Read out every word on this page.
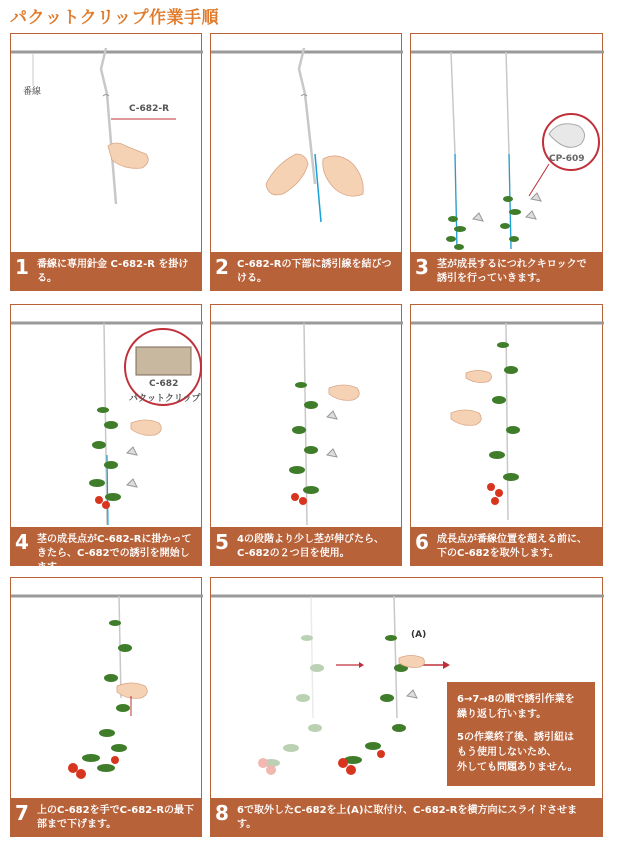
パクットクリップ作業手順
番線
C-682-R
1 番線に専用針金 C-682-R を掛ける。	2 C-682-Rの下部に誘引線を結びつける。
CP-609
3 茎が成長するにつれクキロックで誘引を行っていきます。
C-682
パクットクリップ
4 茎の成長点がC-682-Rに掛かってきたら、C-682での誘引を開始します。
5 4の段階より少し茎が伸びたら、C-682の２つ目を使用。	6 成長点が番線位置を超える前に、下のC-682を取外します。
7 上のC-682を手でC-682-Rの最下部まで下げます。
(A)
6→7→8の順で誘引作業を
繰り返し行います。
5の作業終了後、誘引紐は
もう使用しないため、
外しても問題ありません。
8 6で取外したC-682を上(A)に取付け、C-682-Rを横方向にスライドさせます。
